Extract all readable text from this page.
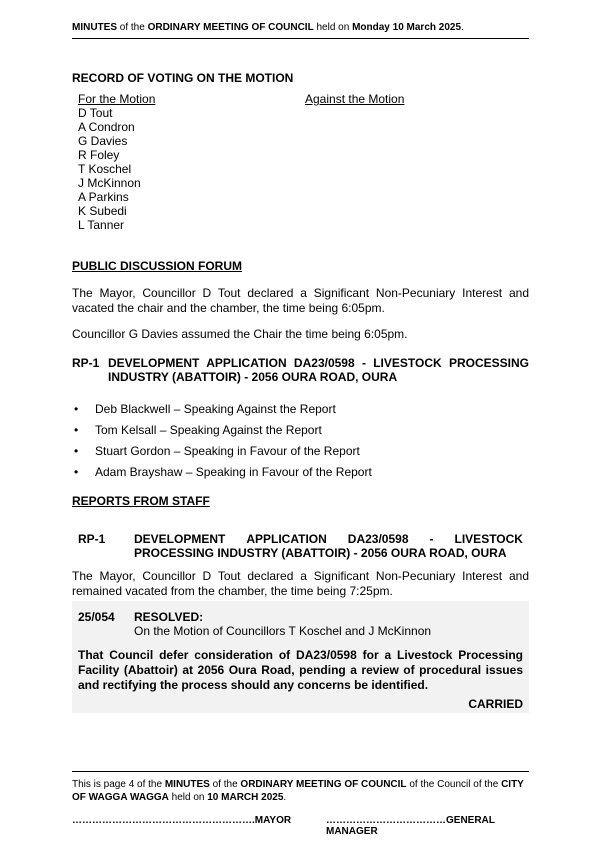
MINUTES of the ORDINARY MEETING OF COUNCIL held on Monday 10 March 2025.
RECORD OF VOTING ON THE MOTION
For the Motion	Against the Motion
D Tout
A Condron
G Davies
R Foley
T Koschel
J McKinnon
A Parkins
K Subedi
L Tanner
PUBLIC DISCUSSION FORUM
The Mayor, Councillor D Tout declared a Significant Non-Pecuniary Interest and vacated the chair and the chamber, the time being 6:05pm.
Councillor G Davies assumed the Chair the time being 6:05pm.
RP-1 DEVELOPMENT APPLICATION DA23/0598 - LIVESTOCK PROCESSING
INDUSTRY (ABATTOIR) - 2056 OURA ROAD, OURA
•	Deb Blackwell – Speaking Against the Report
•	Tom Kelsall – Speaking Against the Report
•	Stuart Gordon – Speaking in Favour of the Report
•	Adam Brayshaw – Speaking in Favour of the Report
REPORTS FROM STAFF
RP-1 DEVELOPMENT APPLICATION DA23/0598 - LIVESTOCK
PROCESSING INDUSTRY (ABATTOIR) - 2056 OURA ROAD, OURA
The Mayor, Councillor D Tout declared a Significant Non-Pecuniary Interest and remained vacated from the chamber, the time being 7:25pm.
25/054 RESOLVED:
On the Motion of Councillors T Koschel and J McKinnon
That Council defer consideration of DA23/0598 for a Livestock Processing Facility (Abattoir) at 2056 Oura Road, pending a review of procedural issues and rectifying the process should any concerns be identified.
CARRIED
This is page 4 of the MINUTES of the ORDINARY MEETING OF COUNCIL of the Council of the CITY OF WAGGA WAGGA held on 10 MARCH 2025.
……………………………………………….MAYOR	………………………………GENERAL MANAGER
